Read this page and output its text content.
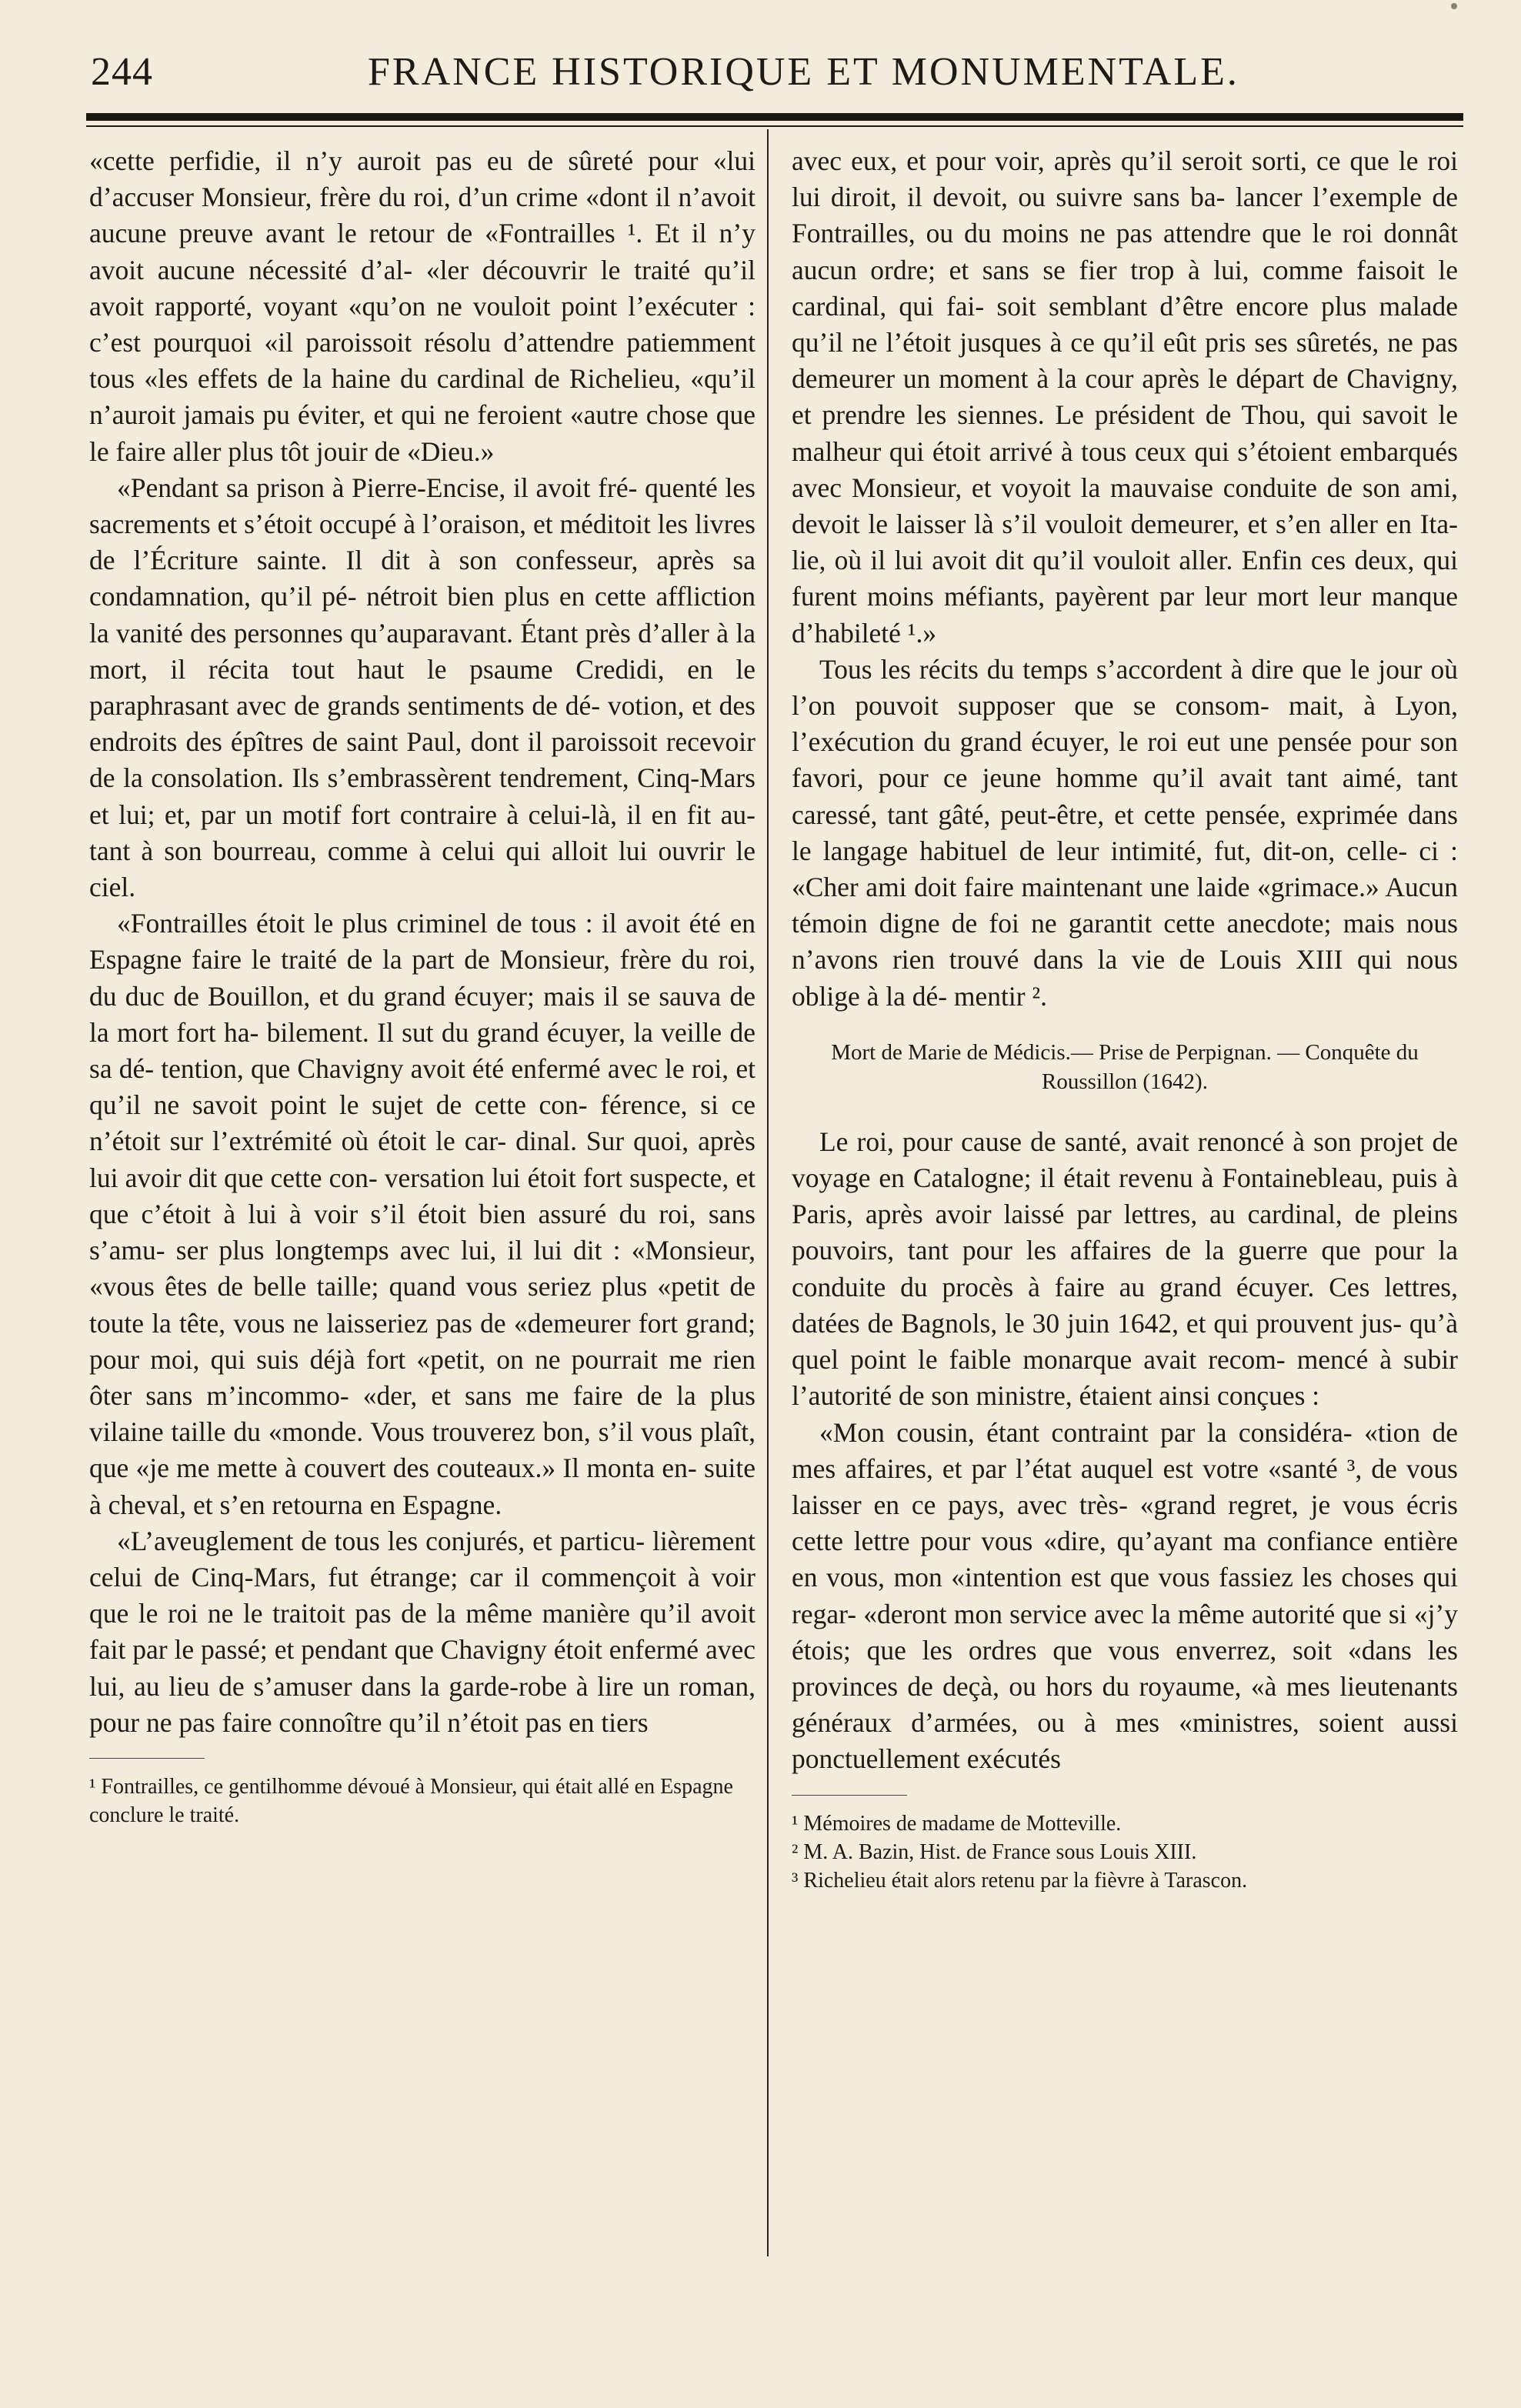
244	FRANCE HISTORIQUE ET MONUMENTALE.

«cette perfidie, il n’y auroit pas eu de sûreté pour «lui d’accuser Monsieur, frère du roi, d’un crime «dont il n’avoit aucune preuve avant le retour de «Fontrailles ¹. Et il n’y avoit aucune nécessité d’al- «ler découvrir le traité qu’il avoit rapporté, voyant «qu’on ne vouloit point l’exécuter : c’est pourquoi «il paroissoit résolu d’attendre patiemment tous «les effets de la haine du cardinal de Richelieu, «qu’il n’auroit jamais pu éviter, et qui ne feroient «autre chose que le faire aller plus tôt jouir de «Dieu.»

«Pendant sa prison à Pierre-Encise, il avoit fré- quenté les sacrements et s’étoit occupé à l’oraison, et méditoit les livres de l’Écriture sainte. Il dit à son confesseur, après sa condamnation, qu’il pé- nétroit bien plus en cette affliction la vanité des personnes qu’auparavant. Étant près d’aller à la mort, il récita tout haut le psaume Credidi, en le paraphrasant avec de grands sentiments de dé- votion, et des endroits des épîtres de saint Paul, dont il paroissoit recevoir de la consolation. Ils s’embrassèrent tendrement, Cinq-Mars et lui; et, par un motif fort contraire à celui-là, il en fit au- tant à son bourreau, comme à celui qui alloit lui ouvrir le ciel.

«Fontrailles étoit le plus criminel de tous : il avoit été en Espagne faire le traité de la part de Monsieur, frère du roi, du duc de Bouillon, et du grand écuyer; mais il se sauva de la mort fort ha- bilement. Il sut du grand écuyer, la veille de sa dé- tention, que Chavigny avoit été enfermé avec le roi, et qu’il ne savoit point le sujet de cette con- férence, si ce n’étoit sur l’extrémité où étoit le car- dinal. Sur quoi, après lui avoir dit que cette con- versation lui étoit fort suspecte, et que c’étoit à lui à voir s’il étoit bien assuré du roi, sans s’amu- ser plus longtemps avec lui, il lui dit : «Monsieur, «vous êtes de belle taille; quand vous seriez plus «petit de toute la tête, vous ne laisseriez pas de «demeurer fort grand; pour moi, qui suis déjà fort «petit, on ne pourrait me rien ôter sans m’incommo- «der, et sans me faire de la plus vilaine taille du «monde. Vous trouverez bon, s’il vous plaît, que «je me mette à couvert des couteaux.» Il monta en- suite à cheval, et s’en retourna en Espagne.

«L’aveuglement de tous les conjurés, et particu- lièrement celui de Cinq-Mars, fut étrange; car il commençoit à voir que le roi ne le traitoit pas de la même manière qu’il avoit fait par le passé; et pendant que Chavigny étoit enfermé avec lui, au lieu de s’amuser dans la garde-robe à lire un roman, pour ne pas faire connoître qu’il n’étoit pas en tiers

¹ Fontrailles, ce gentilhomme dévoué à Monsieur, qui était allé en Espagne conclure le traité.

avec eux, et pour voir, après qu’il seroit sorti, ce que le roi lui diroit, il devoit, ou suivre sans ba- lancer l’exemple de Fontrailles, ou du moins ne pas attendre que le roi donnât aucun ordre; et sans se fier trop à lui, comme faisoit le cardinal, qui fai- soit semblant d’être encore plus malade qu’il ne l’étoit jusques à ce qu’il eût pris ses sûretés, ne pas demeurer un moment à la cour après le départ de Chavigny, et prendre les siennes. Le président de Thou, qui savoit le malheur qui étoit arrivé à tous ceux qui s’étoient embarqués avec Monsieur, et voyoit la mauvaise conduite de son ami, devoit le laisser là s’il vouloit demeurer, et s’en aller en Ita- lie, où il lui avoit dit qu’il vouloit aller. Enfin ces deux, qui furent moins méfiants, payèrent par leur mort leur manque d’habileté ¹.»

Tous les récits du temps s’accordent à dire que le jour où l’on pouvoit supposer que se consom- mait, à Lyon, l’exécution du grand écuyer, le roi eut une pensée pour son favori, pour ce jeune homme qu’il avait tant aimé, tant caressé, tant gâté, peut-être, et cette pensée, exprimée dans le langage habituel de leur intimité, fut, dit-on, celle- ci : «Cher ami doit faire maintenant une laide «grimace.» Aucun témoin digne de foi ne garantit cette anecdote; mais nous n’avons rien trouvé dans la vie de Louis XIII qui nous oblige à la dé- mentir ².

Mort de Marie de Médicis.— Prise de Perpignan. — Conquête du Roussillon (1642).

Le roi, pour cause de santé, avait renoncé à son projet de voyage en Catalogne; il était revenu à Fontainebleau, puis à Paris, après avoir laissé par lettres, au cardinal, de pleins pouvoirs, tant pour les affaires de la guerre que pour la conduite du procès à faire au grand écuyer. Ces lettres, datées de Bagnols, le 30 juin 1642, et qui prouvent jus- qu’à quel point le faible monarque avait recom- mencé à subir l’autorité de son ministre, étaient ainsi conçues :

«Mon cousin, étant contraint par la considéra- «tion de mes affaires, et par l’état auquel est votre «santé ³, de vous laisser en ce pays, avec très- «grand regret, je vous écris cette lettre pour vous «dire, qu’ayant ma confiance entière en vous, mon «intention est que vous fassiez les choses qui regar- «deront mon service avec la même autorité que si «j’y étois; que les ordres que vous enverrez, soit «dans les provinces de deçà, ou hors du royaume, «à mes lieutenants généraux d’armées, ou à mes «ministres, soient aussi ponctuellement exécutés

¹ Mémoires de madame de Motteville.
² M. A. Bazin, Hist. de France sous Louis XIII.
³ Richelieu était alors retenu par la fièvre à Tarascon.
